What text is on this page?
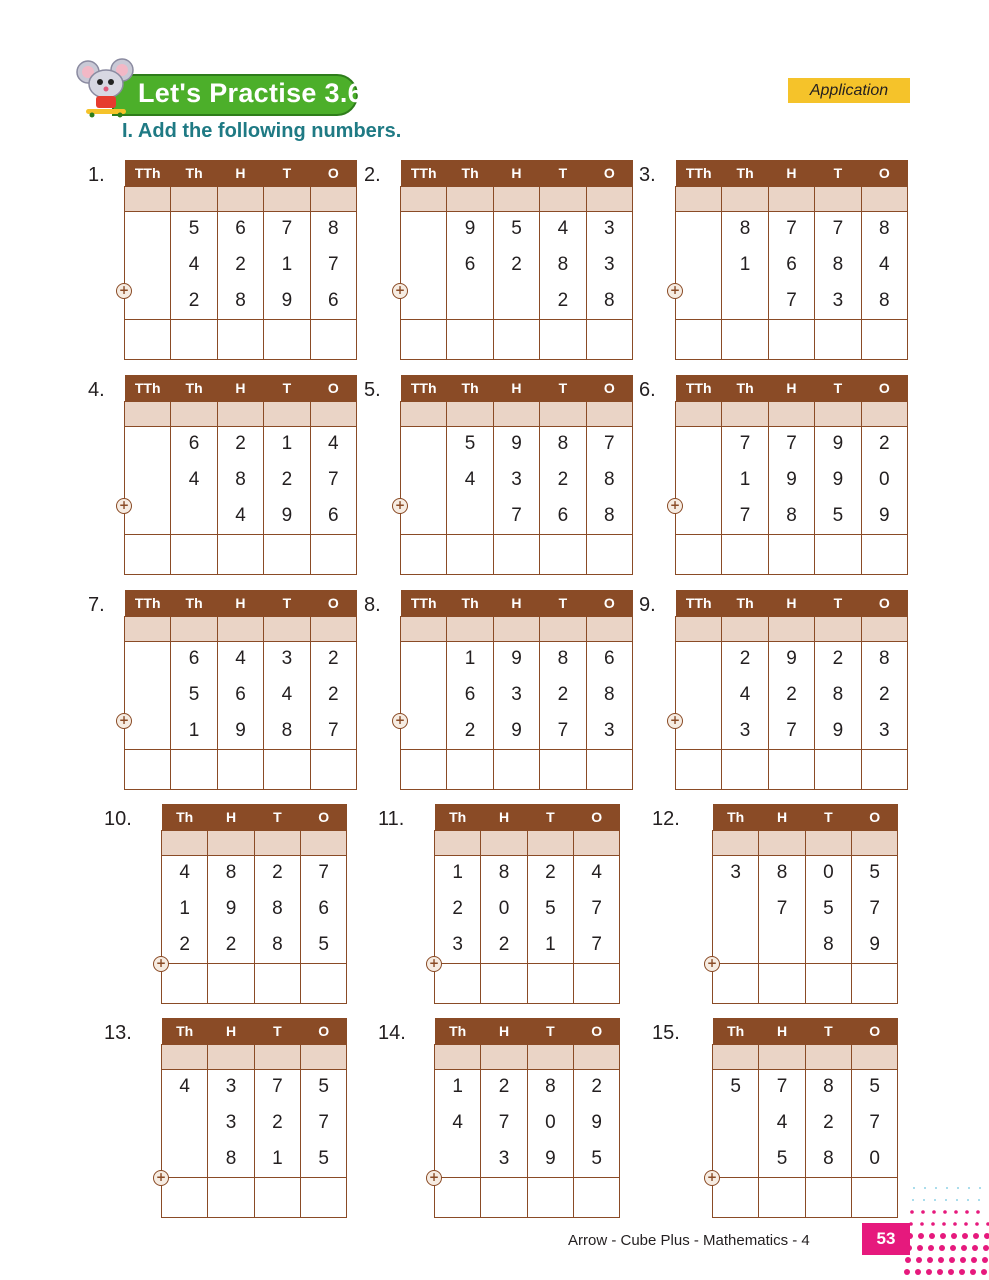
Let's Practise 3.6	Application
I. Add the following numbers.
1. TTh	Th	H	T	O

	5	6	7	8
	4	2	1	7
	2	8	9	6

+
2. TTh	Th	H	T	O

	9	5	4	3
	6	2	8	3
			2	8

+
3. TTh	Th	H	T	O

	8	7	7	8
	1	6	8	4
		7	3	8

+
4. TTh	Th	H	T	O

	6	2	1	4
	4	8	2	7
		4	9	6

+
5. TTh	Th	H	T	O

	5	9	8	7
	4	3	2	8
		7	6	8

+
6. TTh	Th	H	T	O

	7	7	9	2
	1	9	9	0
	7	8	5	9

+
7. TTh	Th	H	T	O

	6	4	3	2
	5	6	4	2
	1	9	8	7

+
8. TTh	Th	H	T	O

	1	9	8	6
	6	3	2	8
	2	9	7	3

+
9. TTh	Th	H	T	O

	2	9	2	8
	4	2	8	2
	3	7	9	3

+
10.	Th	H	T	O

4	8	2	7
1	9	8	6
2	2	8	5

+
11.	Th	H	T	O

1	8	2	4
2	0	5	7
3	2	1	7

+
12.	Th	H	T	O

3	8	0	5
	7	5	7
		8	9

+
13.	Th	H	T	O

4	3	7	5
	3	2	7
	8	1	5

+
14.	Th	H	T	O

1	2	8	2
4	7	0	9
	3	9	5

+
15.	Th	H	T	O

5	7	8	5
	4	2	7
	5	8	0

+
Arrow - Cube Plus - Mathematics - 4	53
